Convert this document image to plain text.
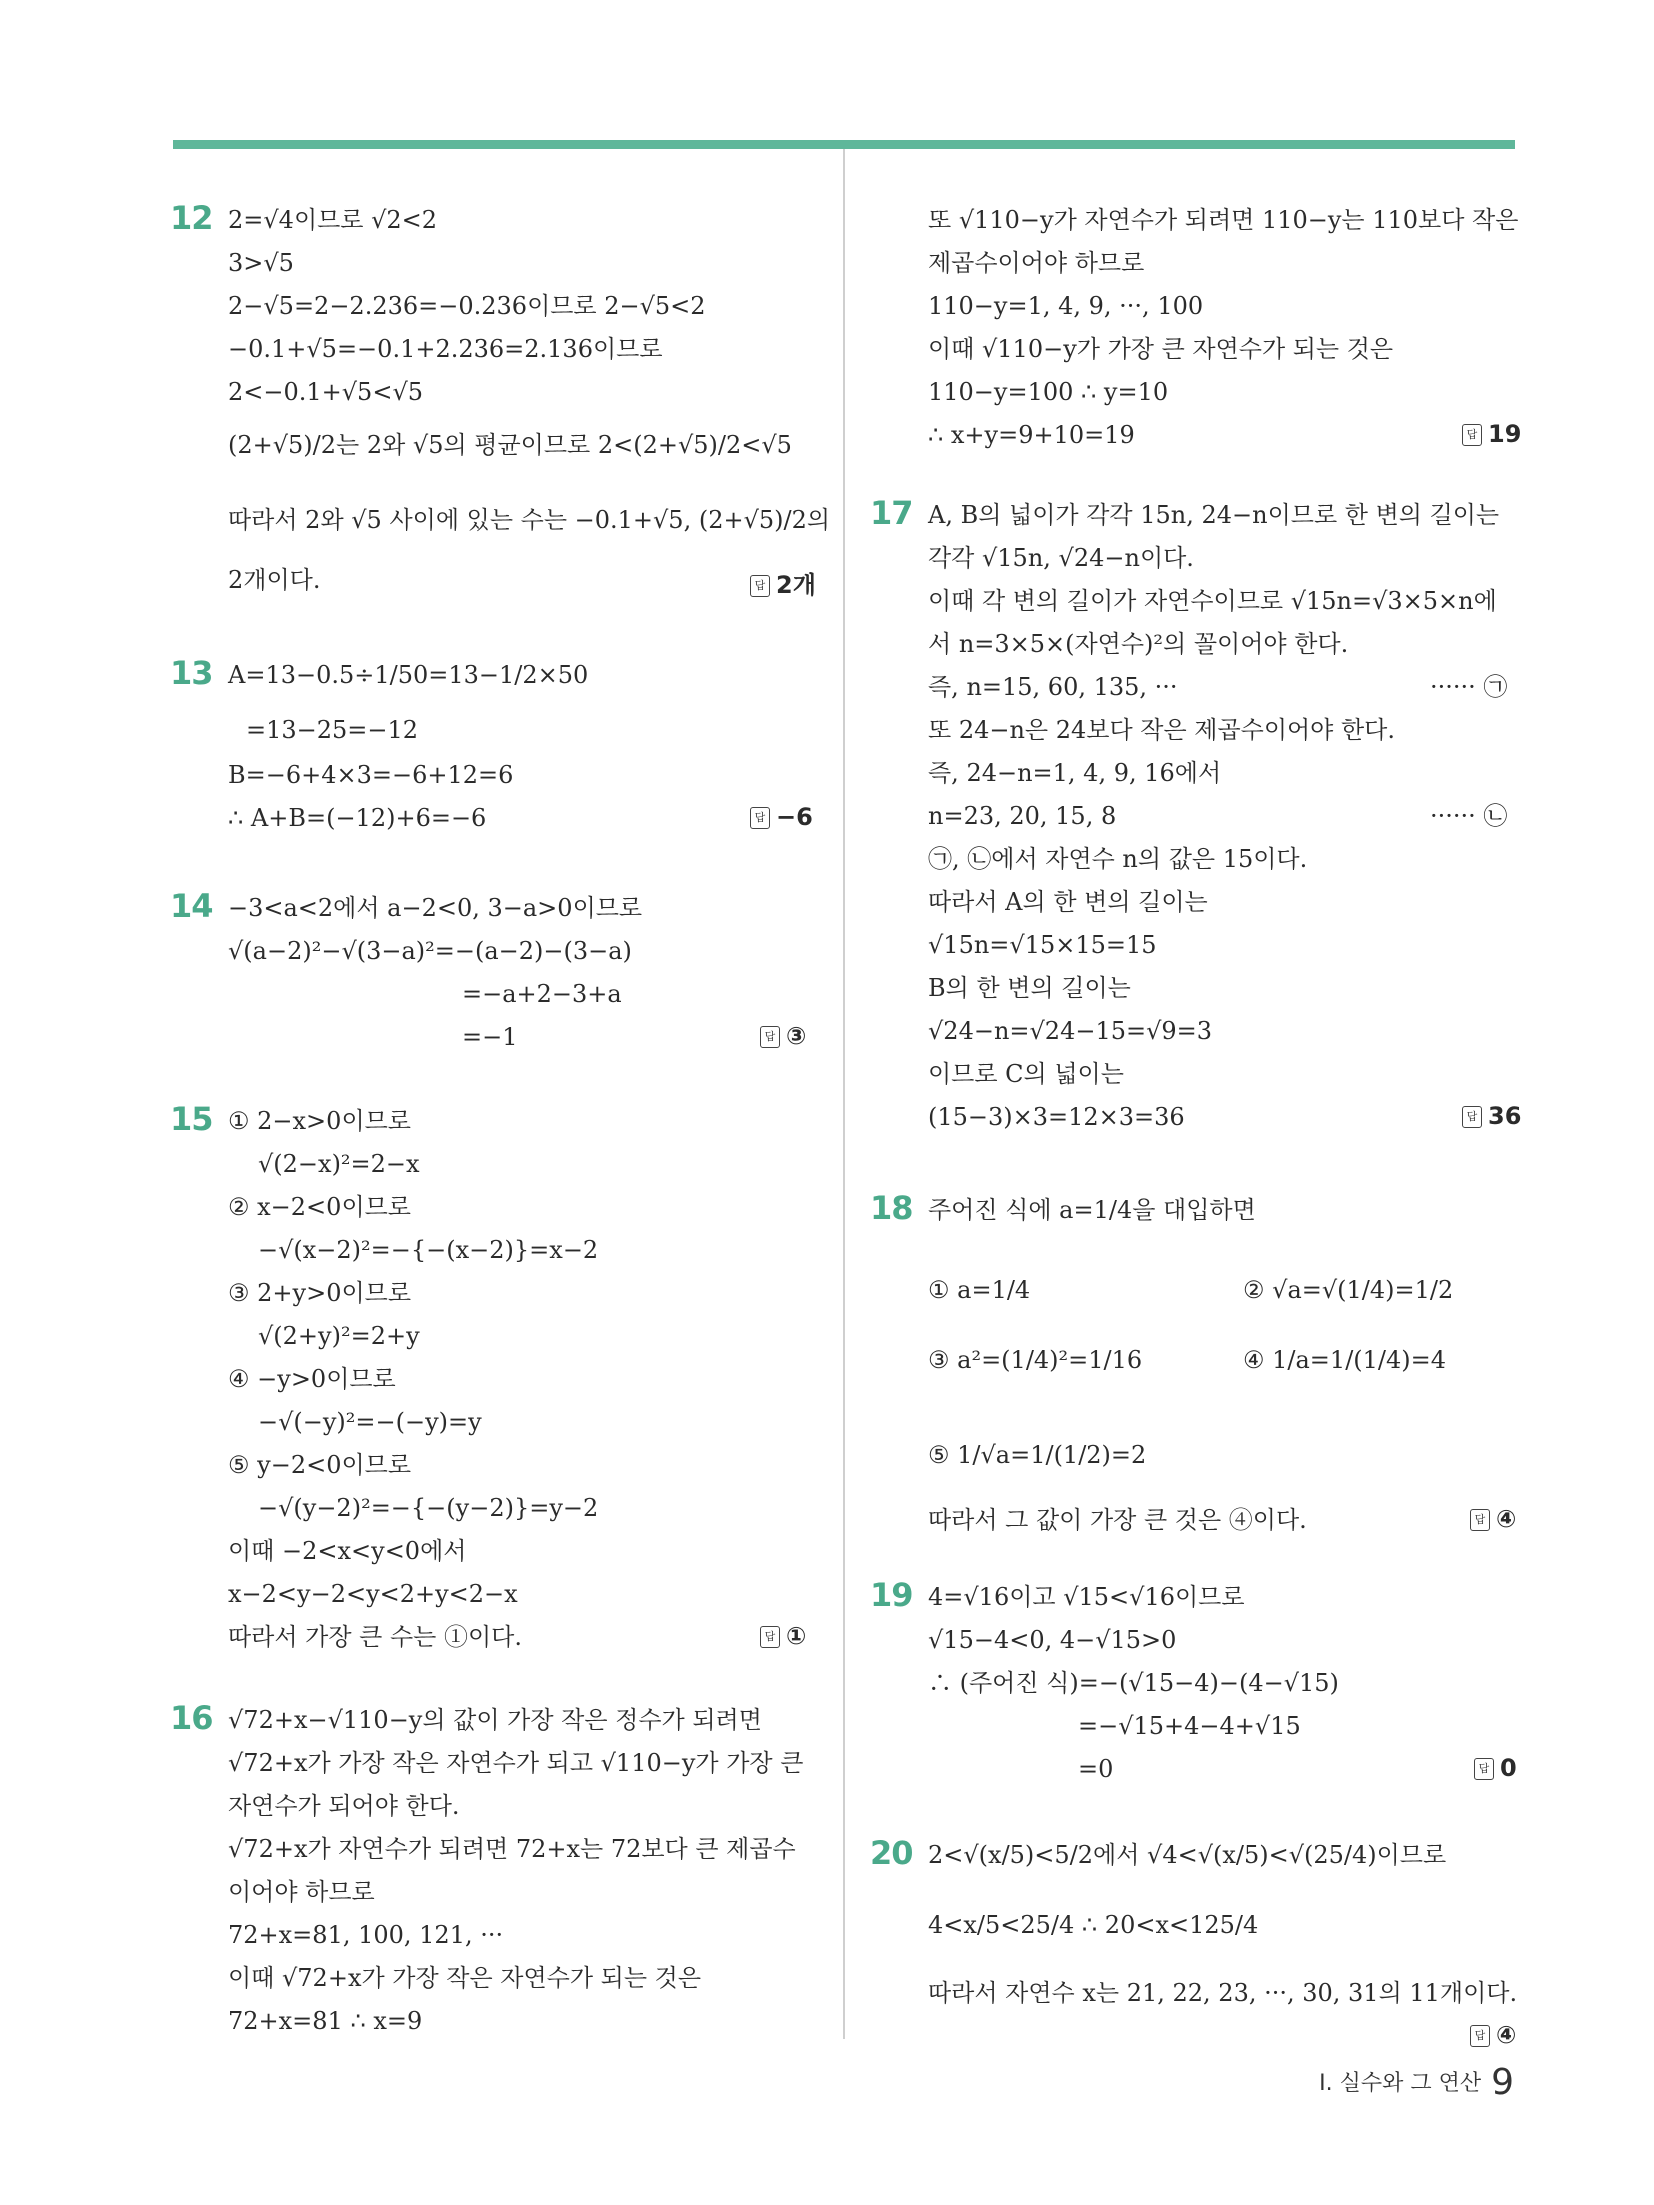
12 2=√4이므로 √2<2
3>√5
2−√5=2−2.236=−0.236이므로 2−√5<2
−0.1+√5=−0.1+2.236=2.136이므로
2<−0.1+√5<√5
(2+√5)/2는 2와 √5의 평균이므로 2<(2+√5)/2<√5
따라서 2와 √5 사이에 있는 수는 −0.1+√5, (2+√5)/2의
2개이다.	답 2개
13 A=13−0.5÷1/50=13−1/2×50
=13−25=−12
B=−6+4×3=−6+12=6
∴ A+B=(−12)+6=−6	답 −6
14 −3<a<2에서 a−2<0, 3−a>0이므로
√(a−2)²−√(3−a)²=−(a−2)−(3−a)
=−a+2−3+a
=−1	답 ③
15 ① 2−x>0이므로
√(2−x)²=2−x
② x−2<0이므로
−√(x−2)²=−{−(x−2)}=x−2
③ 2+y>0이므로
√(2+y)²=2+y
④ −y>0이므로
−√(−y)²=−(−y)=y
⑤ y−2<0이므로
−√(y−2)²=−{−(y−2)}=y−2
이때 −2<x<y<0에서
x−2<y−2<y<2+y<2−x
따라서 가장 큰 수는 ①이다.	답 ①
16 √72+x−√110−y의 값이 가장 작은 정수가 되려면
√72+x가 가장 작은 자연수가 되고 √110−y가 가장 큰
자연수가 되어야 한다.
√72+x가 자연수가 되려면 72+x는 72보다 큰 제곱수
이어야 하므로
72+x=81, 100, 121, ···
이때 √72+x가 가장 작은 자연수가 되는 것은
72+x=81 ∴ x=9
또 √110−y가 자연수가 되려면 110−y는 110보다 작은
제곱수이어야 하므로
110−y=1, 4, 9, ···, 100
이때 √110−y가 가장 큰 자연수가 되는 것은
110−y=100 ∴ y=10
∴ x+y=9+10=19	답 19
17 A, B의 넓이가 각각 15n, 24−n이므로 한 변의 길이는
각각 √15n, √24−n이다.
이때 각 변의 길이가 자연수이므로 √15n=√3×5×n에
서 n=3×5×(자연수)²의 꼴이어야 한다.
즉, n=15, 60, 135, ···
또 24−n은 24보다 작은 제곱수이어야 한다.
즉, 24−n=1, 4, 9, 16에서
n=23, 20, 15, 8
㉠, ㉡에서 자연수 n의 값은 15이다.
따라서 A의 한 변의 길이는
√15n=√15×15=15
B의 한 변의 길이는
√24−n=√24−15=√9=3
이므로 C의 넓이는
(15−3)×3=12×3=36
······ ㉠
······ ㉡
답 36
18 주어진 식에 a=1/4을 대입하면
① a=1/4	② √a=√(1/4)=1/2
③ a²=(1/4)²=1/16	④ 1/a=1/(1/4)=4
⑤ 1/√a=1/(1/2)=2
따라서 그 값이 가장 큰 것은 ④이다.	답 ④
19 4=√16이고 √15<√16이므로
√15−4<0, 4−√15>0
∴ (주어진 식)=−(√15−4)−(4−√15)
=−√15+4−4+√15
=0	답 0
20 2<√(x/5)<5/2에서 √4<√(x/5)<√(25/4)이므로
4<x/5<25/4 ∴ 20<x<125/4
따라서 자연수 x는 21, 22, 23, ···, 30, 31의 11개이다.
답 ④
I. 실수와 그 연산 9
